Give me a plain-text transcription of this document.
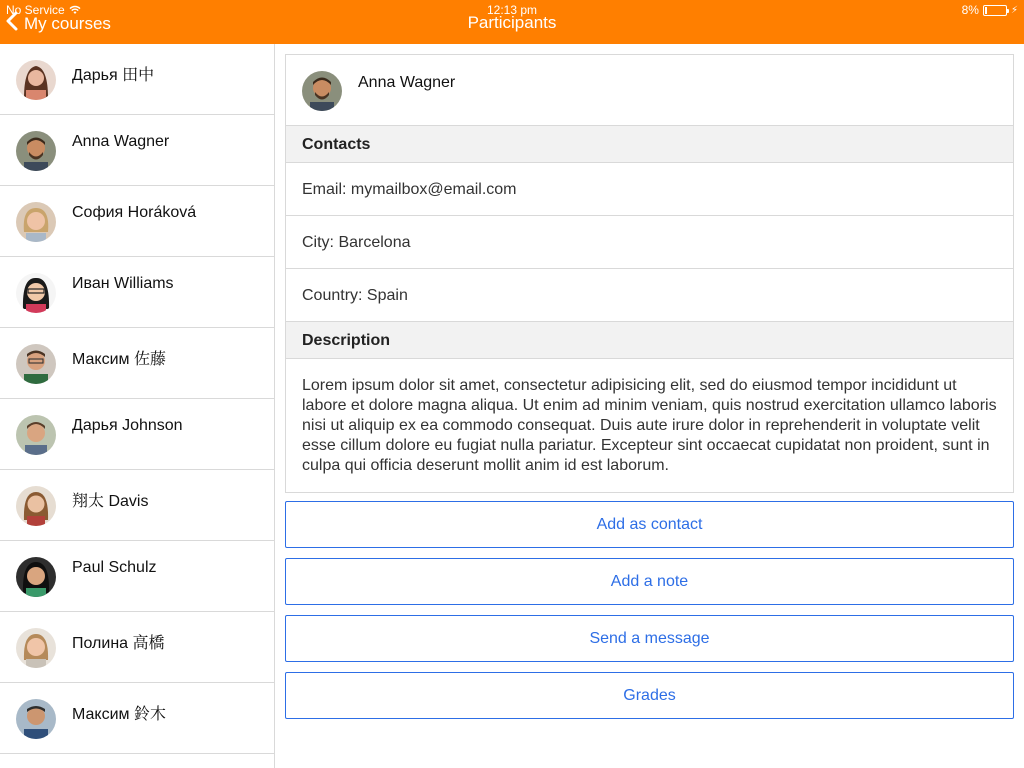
No Service	12:13 pm	8%	⚡
My courses	Participants
Дарья 田中
Anna Wagner
София Horáková
Иван Williams
Максим 佐藤
Дарья Johnson
翔太 Davis
Paul Schulz
Полина 高橋
Максим 鈴木
Anna Wagner
Contacts
Email: mymailbox@email.com
City: Barcelona
Country: Spain
Description
Lorem ipsum dolor sit amet, consectetur adipisicing elit, sed do eiusmod tempor incididunt ut labore et dolore magna aliqua. Ut enim ad minim veniam, quis nostrud exercitation ullamco laboris nisi ut aliquip ex ea commodo consequat. Duis aute irure dolor in reprehenderit in voluptate velit esse cillum dolore eu fugiat nulla pariatur. Excepteur sint occaecat cupidatat non proident, sunt in culpa qui officia deserunt mollit anim id est laborum.
Add as contact
Add a note
Send a message
Grades
